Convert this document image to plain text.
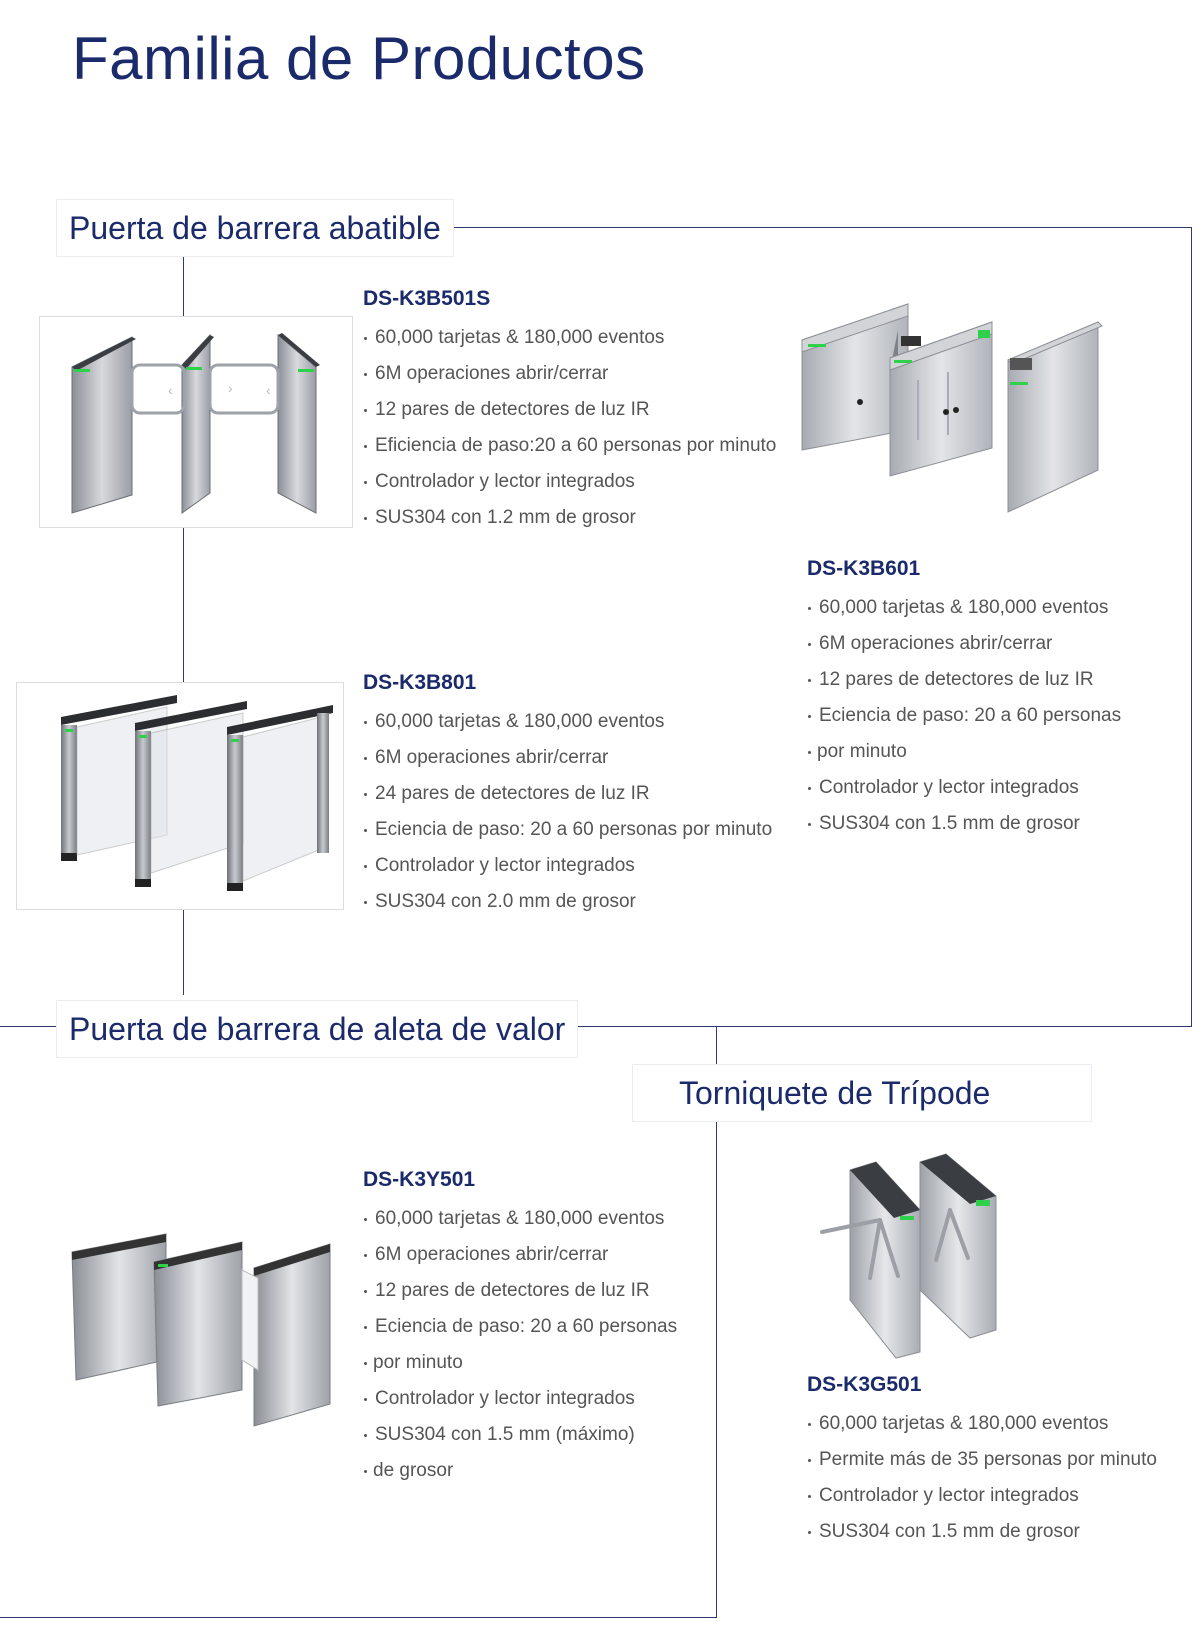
Familia de Productos
Puerta de barrera abatible
Puerta de barrera de aleta de valor
Torniquete de Trípode
‹	› ‹
DS-K3B501S
60,000 tarjetas & 180,000 eventos
6M operaciones abrir/cerrar
12 pares de detectores de luz IR
Eficiencia de paso:20 a 60 personas por minuto
Controlador y lector integrados
SUS304 con 1.2 mm de grosor
DS-K3B601
60,000 tarjetas & 180,000 eventos
6M operaciones abrir/cerrar
12 pares de detectores de luz IR
Eciencia de paso: 20 a 60 personas
por minuto
Controlador y lector integrados
SUS304 con 1.5 mm de grosor
DS-K3B801
60,000 tarjetas & 180,000 eventos
6M operaciones abrir/cerrar
24 pares de detectores de luz IR
Eciencia de paso: 20 a 60 personas por minuto
Controlador y lector integrados
SUS304 con 2.0 mm de grosor
DS-K3Y501
60,000 tarjetas & 180,000 eventos
6M operaciones abrir/cerrar
12 pares de detectores de luz IR
Eciencia de paso: 20 a 60 personas
por minuto
Controlador y lector integrados
SUS304 con 1.5 mm (máximo)
de grosor
DS-K3G501
60,000 tarjetas & 180,000 eventos
Permite más de 35 personas por minuto
Controlador y lector integrados
SUS304 con 1.5 mm de grosor
